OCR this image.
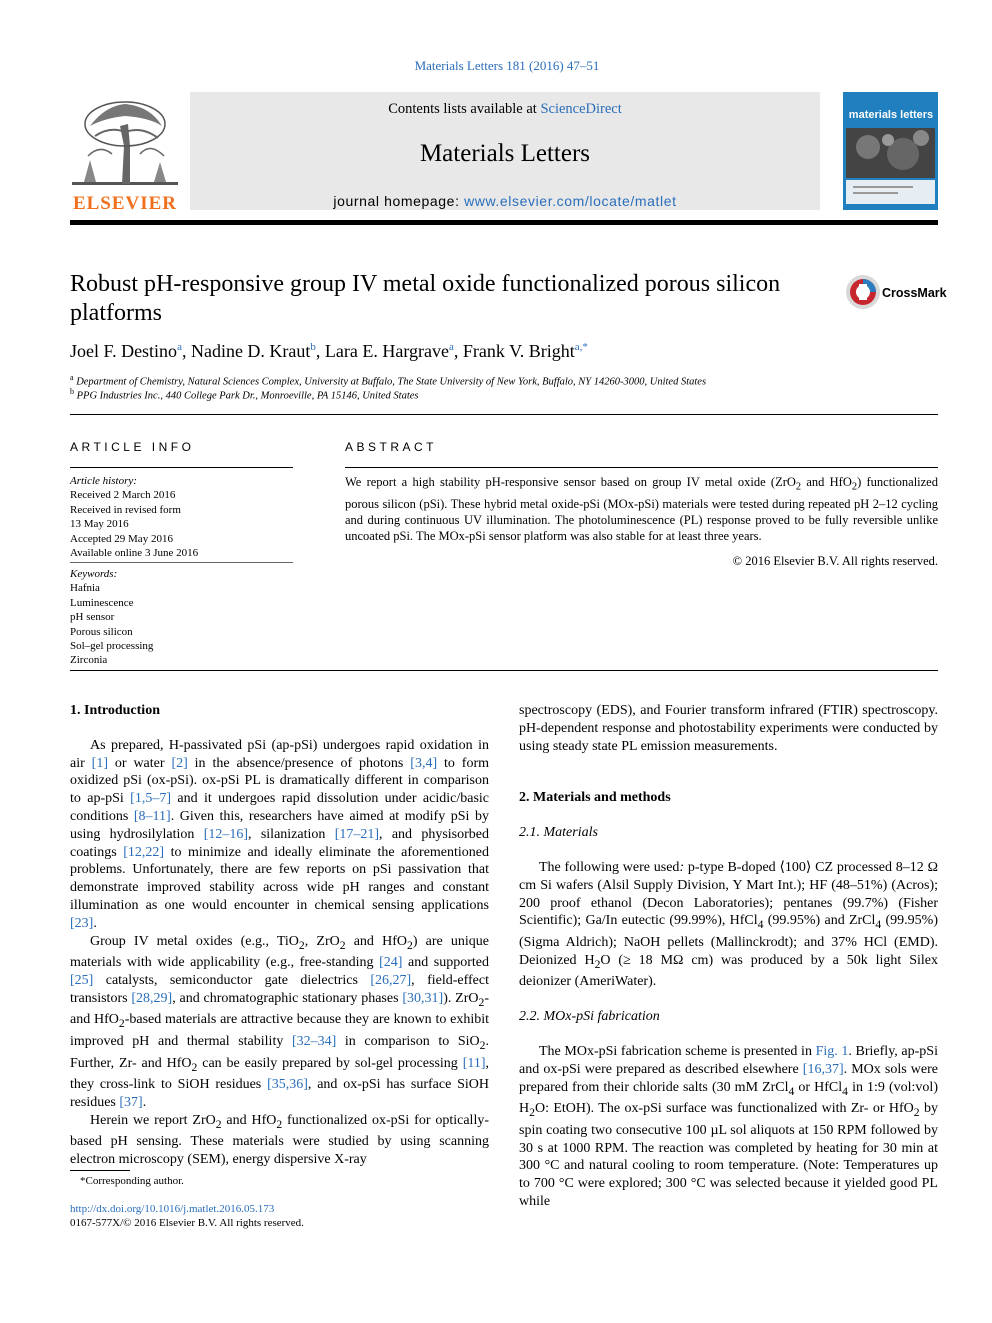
Materials Letters 181 (2016) 47–51
ELSEVIER
Contents lists available at ScienceDirect
Materials Letters
journal homepage: www.elsevier.com/locate/matlet
materials letters
Robust pH-responsive group IV metal oxide functionalized porous silicon platforms
CrossMark
Joel F. Destino$^a$, Nadine D. Kraut$^b$, Lara E. Hargrave$^a$, Frank V. Bright$^{a,*}$
$^a$ Department of Chemistry, Natural Sciences Complex, University at Buffalo, The State University of New York, Buffalo, NY 14260-3000, United States
$^b$ PPG Industries Inc., 440 College Park Dr., Monroeville, PA 15146, United States
ARTICLE INFO
Article history:
Received 2 March 2016
Received in revised form
13 May 2016
Accepted 29 May 2016
Available online 3 June 2016
Keywords:
Hafnia
Luminescence
pH sensor
Porous silicon
Sol–gel processing
Zirconia
ABSTRACT
We report a high stability pH-responsive sensor based on group IV metal oxide (ZrO$_2$ and HfO$_2$) functionalized porous silicon (pSi). These hybrid metal oxide-pSi (MOx-pSi) materials were tested during repeated pH 2–12 cycling and during continuous UV illumination. The photoluminescence (PL) response proved to be fully reversible unlike uncoated pSi. The MOx-pSi sensor platform was also stable for at least three years.
© 2016 Elsevier B.V. All rights reserved.
1. Introduction

As prepared, H-passivated pSi (ap-pSi) undergoes rapid oxidation in air [1] or water [2] in the absence/presence of photons [3,4] to form oxidized pSi (ox-pSi). ox-pSi PL is dramatically different in comparison to ap-pSi [1,5–7] and it undergoes rapid dissolution under acidic/basic conditions [8–11]. Given this, researchers have aimed at modify pSi by using hydrosilylation [12–16], silanization [17–21], and physisorbed coatings [12,22] to minimize and ideally eliminate the aforementioned problems. Unfortunately, there are few reports on pSi passivation that demonstrate improved stability across wide pH ranges and constant illumination as one would encounter in chemical sensing applications [23].

Group IV metal oxides (e.g., TiO$_2$, ZrO$_2$ and HfO$_2$) are unique materials with wide applicability (e.g., free-standing [24] and supported [25] catalysts, semiconductor gate dielectrics [26,27], field-effect transistors [28,29], and chromatographic stationary phases [30,31]). ZrO$_2$- and HfO$_2$-based materials are attractive because they are known to exhibit improved pH and thermal stability [32–34] in comparison to SiO$_2$. Further, Zr- and HfO$_2$ can be easily prepared by sol-gel processing [11], they cross-link to SiOH residues [35,36], and ox-pSi has surface SiOH residues [37].

Herein we report ZrO$_2$ and HfO$_2$ functionalized ox-pSi for optically-based pH sensing. These materials were studied by using scanning electron microscopy (SEM), energy dispersive X-ray

spectroscopy (EDS), and Fourier transform infrared (FTIR) spectroscopy. pH-dependent response and photostability experiments were conducted by using steady state PL emission measurements.

2. Materials and methods
2.1. Materials

The following were used: p-type B-doped ⟨100⟩ CZ processed 8–12 Ω cm Si wafers (Alsil Supply Division, Y Mart Int.); HF (48–51%) (Acros); 200 proof ethanol (Decon Laboratories); pentanes (99.7%) (Fisher Scientific); Ga/In eutectic (99.99%), HfCl$_4$ (99.95%) and ZrCl$_4$ (99.95%) (Sigma Aldrich); NaOH pellets (Mallinckrodt); and 37% HCl (EMD). Deionized $H_2O$ (≥ 18 MΩ cm) was produced by a 50k light Silex deionizer (AmeriWater).

2.2. MOx-pSi fabrication

The MOx-pSi fabrication scheme is presented in Fig. 1. Briefly, ap-pSi and ox-pSi were prepared as described elsewhere [16,37]. MOx sols were prepared from their chloride salts (30 mM ZrCl$_4$ or HfCl$_4$ in 1:9 (vol:vol) $H_2O$: EtOH). The ox-pSi surface was functionalized with Zr- or HfO$_2$ by spin coating two consecutive 100 µL sol aliquots at 150 RPM followed by 30 s at 1000 RPM. The reaction was completed by heating for 30 min at 300 °C and natural cooling to room temperature. (Note: Temperatures up to 700 °C were explored; 300 °C was selected because it yielded good PL while

*Corresponding author.
http://dx.doi.org/10.1016/j.matlet.2016.05.173
0167-577X/© 2016 Elsevier B.V. All rights reserved.
